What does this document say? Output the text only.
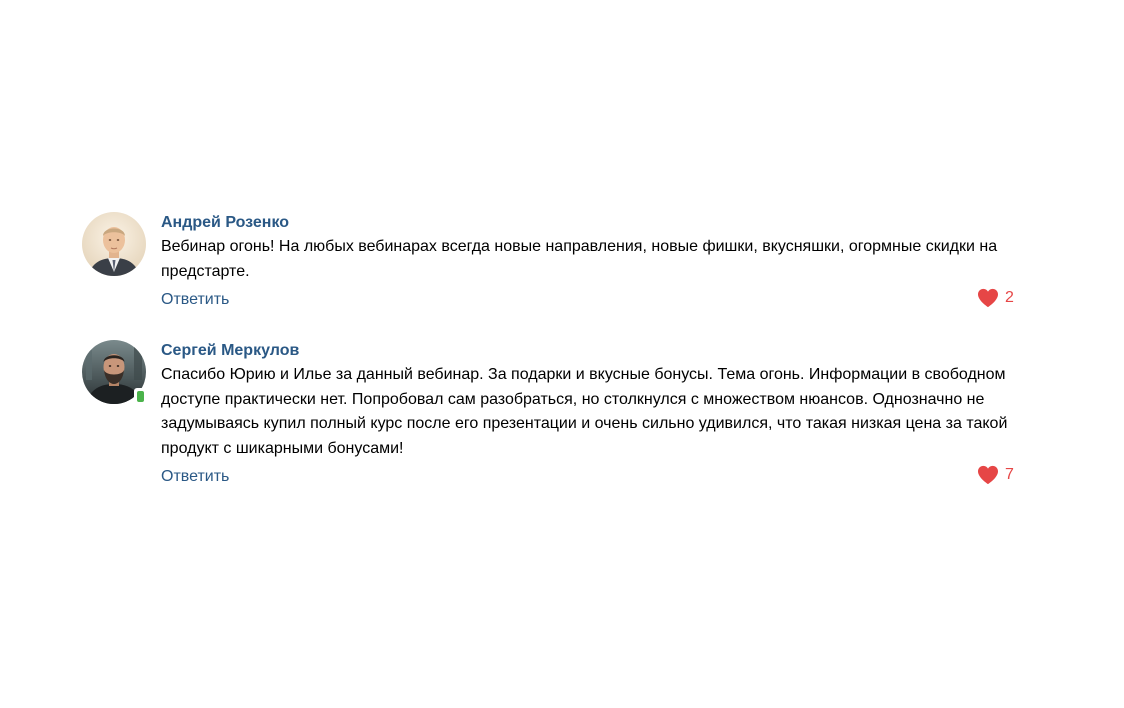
Андрей Розенко
Вебинар огонь! На любых вебинарах всегда новые направления, новые фишки, вкусняшки, огормные скидки на предстарте.
Ответить	2
Сергей Меркулов
Спасибо Юрию и Илье за данный вебинар. За подарки и вкусные бонусы. Тема огонь. Информации в свободном доступе практически нет. Попробовал сам разобраться, но столкнулся с множеством нюансов. Однозначно не задумываясь купил полный курс после его презентации и очень сильно удивился, что такая низкая цена за такой продукт с шикарными бонусами!
Ответить	7
